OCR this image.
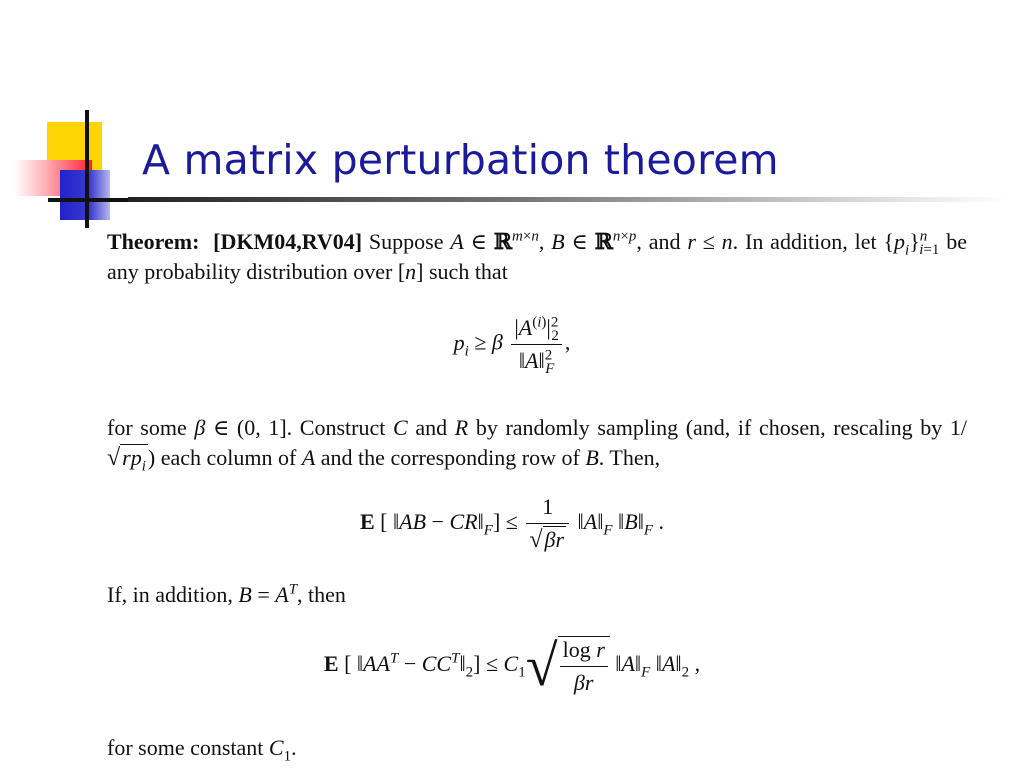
A matrix perturbation theorem
Theorem: [DKM04,RV04] Suppose A ∈ ℝ$^{m\times n}$, B ∈ ℝ$^{n\times p}$, and r ≤ n. In addition, let $\{p_i\}^n_{i=1}$ be any probability distribution over [n] such that
$p_i \ge \beta \frac{|A^{(i)}|^2_2}{‖A‖^2_F}$ ,
for some β ∈ (0, 1]. Construct C and R by randomly sampling (and, if chosen, rescaling by $1/√rp_i$) each column of A and the corresponding row of B. Then,
E [ ‖AB − $CR‖_F] \le \frac{1}{√\beta r}$ $‖A‖_F$ $‖B‖_F$ .
If, in addition, $B = A^T$, then
E [ $‖AA^T$ − $CC^T‖_2] \le C_1√ \frac{\text{log r}}{\beta r}$ $‖A‖_F$ $‖A‖_2$ ,
for some constant $C_1$.
